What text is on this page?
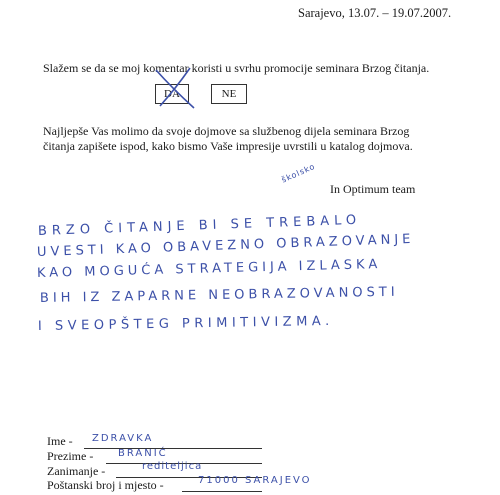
Sarajevo, 13.07. – 19.07.2007.
Slažem se da se moj komentar koristi u svrhu promocije seminara Brzog čitanja.
DA	NE
Najljepše Vas molimo da svoje dojmove sa službenog dijela seminara Brzog
čitanja zapišete ispod, kako bismo Vaše impresije uvrstili u katalog dojmova.
In Optimum team
školsko
BRZO ČITANJE BI SE TREBALO
UVESTI KAO OBAVEZNO OBRAZOVANJE
KAO MOGUĆA STRATEGIJA IZLASKA
BIH IZ ZAPARNE NEOBRAZOVANOSTI
I SVEOPŠTEG PRIMITIVIZMA.
Ime - ZDRAVKA
Prezime - BRANIĆ
Zanimanje -	rediteljica
Poštanski broj i mjesto -	71000 SARAJEVO
